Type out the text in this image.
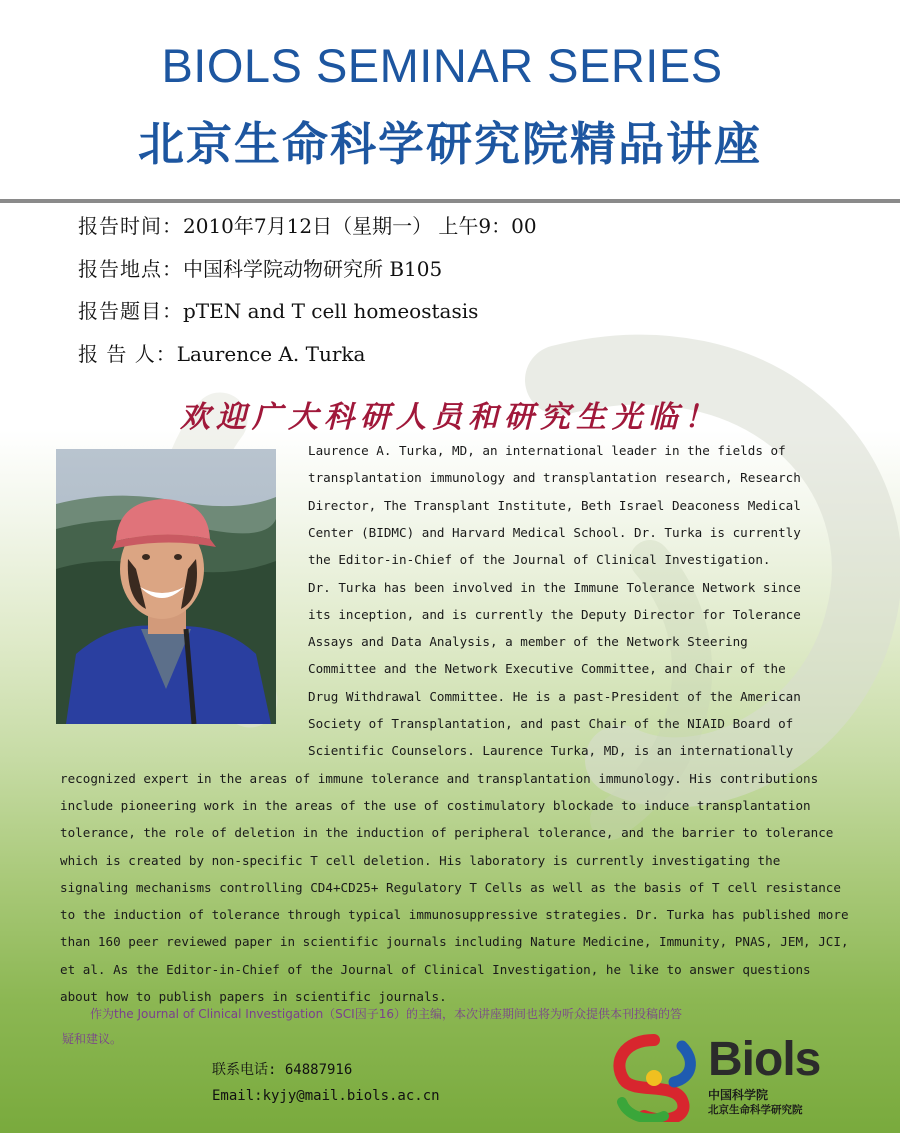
BIOLS SEMINAR SERIES
北京生命科学研究院精品讲座
报告时间：2010年7月12日（星期一） 上午9：00
报告地点：中国科学院动物研究所 B105
报告题目：pTEN and T cell homeostasis
报 告 人：Laurence A. Turka
欢迎广大科研人员和研究生光临！
Laurence A. Turka, MD, an international leader in the fields of
transplantation immunology and transplantation research, Research
Director, The Transplant Institute, Beth Israel Deaconess Medical
Center (BIDMC) and Harvard Medical School. Dr. Turka is currently
the Editor-in-Chief of the Journal of Clinical Investigation.
Dr. Turka has been involved in the Immune Tolerance Network since
its inception, and is currently the Deputy Director for Tolerance
Assays and Data Analysis, a member of the Network Steering
Committee and the Network Executive Committee, and Chair of the
Drug Withdrawal Committee. He is a past-President of the American
Society of Transplantation, and past Chair of the NIAID Board of
Scientific Counselors. Laurence Turka, MD, is an internationally
recognized expert in the areas of immune tolerance and transplantation immunology. His contributions
include pioneering work in the areas of the use of costimulatory blockade to induce transplantation
tolerance, the role of deletion in the induction of peripheral tolerance, and the barrier to tolerance
which is created by non-specific T cell deletion. His laboratory is currently investigating the
signaling mechanisms controlling CD4+CD25+ Regulatory T Cells as well as the basis of T cell resistance
to the induction of tolerance through typical immunosuppressive strategies. Dr. Turka has published more
than 160 peer reviewed paper in scientific journals including Nature Medicine, Immunity, PNAS, JEM, JCI,
et al. As the Editor-in-Chief of the Journal of Clinical Investigation, he like to answer questions
about how to publish papers in scientific journals.
作为the Journal of Clinical Investigation（SCI因子16）的主编，本次讲座期间也将为听众提供本刊投稿的答
疑和建议。
联系电话: 64887916
Email:kyjy@mail.biols.ac.cn
Biols
中国科学院
北京生命科学研究院
